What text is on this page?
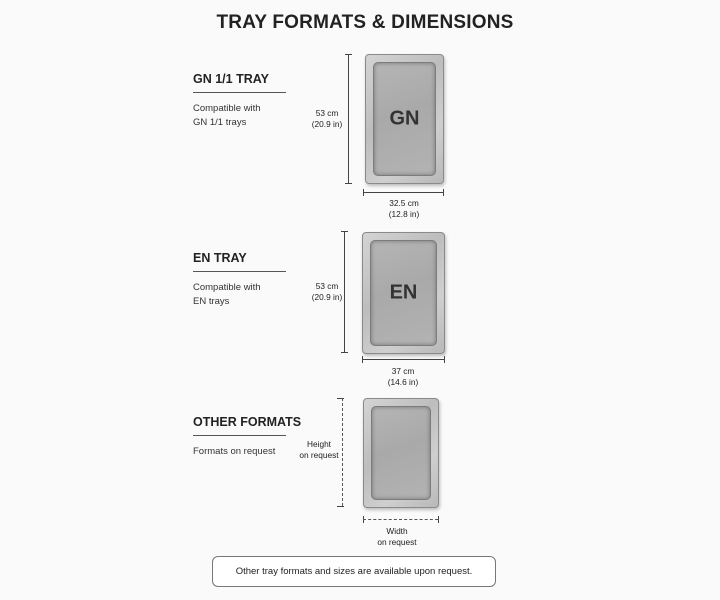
TRAY FORMATS & DIMENSIONS
GN 1/1 TRAY
Compatible with
GN 1/1 trays
53 cm
(20.9 in)	GN
32.5 cm
(12.8 in)
EN TRAY
Compatible with
EN trays
53 cm
(20.9 in)	EN
37 cm
(14.6 in)
OTHER FORMATS
Formats on request
Height
on request
Width
on request
Other tray formats and sizes are available upon request.
